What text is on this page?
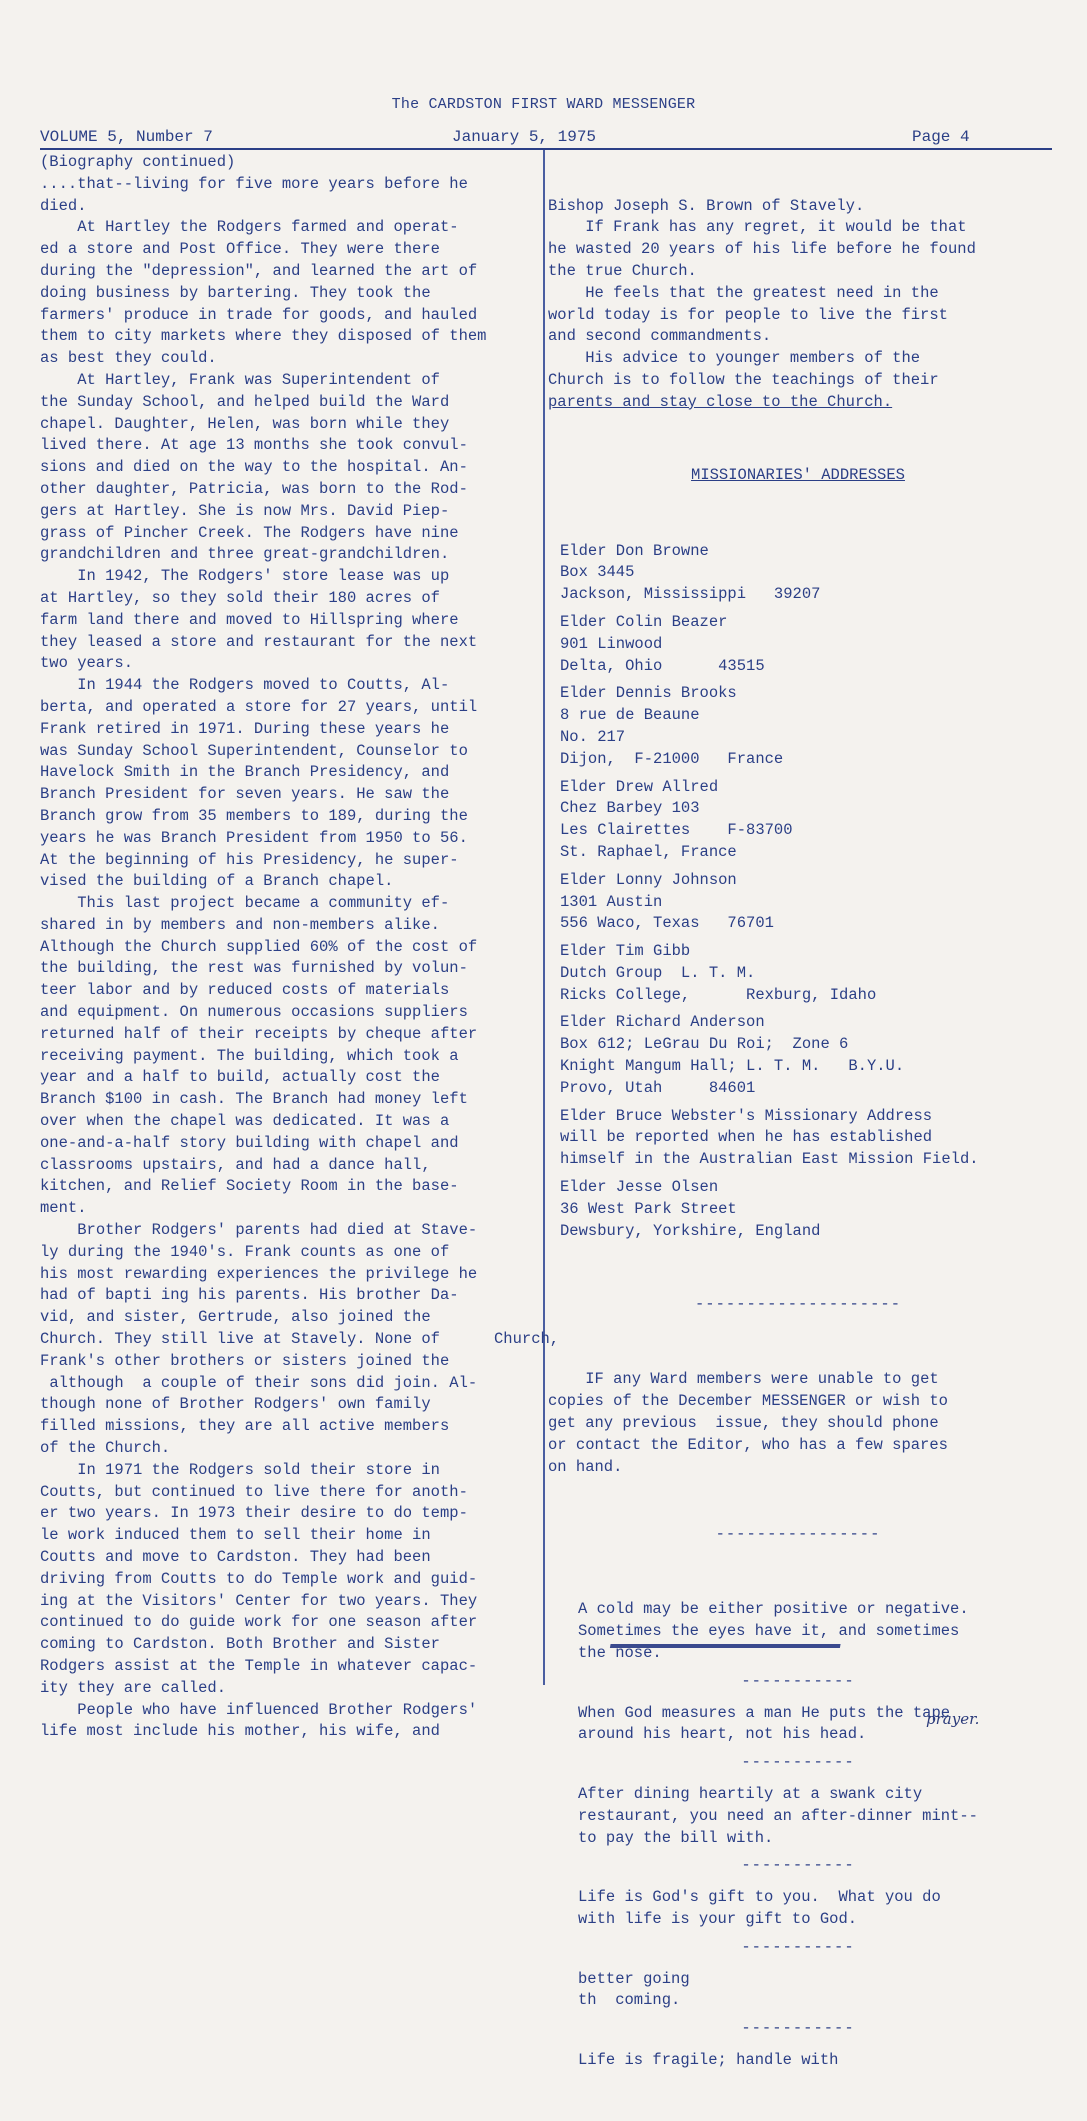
The CARDSTON FIRST WARD MESSENGER
VOLUME 5, Number 7	January 5, 1975	Page 4
(Biography continued)
....that--living for five more years before he
died.
At Hartley the Rodgers farmed and operat-
ed a store and Post Office. They were there
during the "depression", and learned the art of
doing business by bartering. They took the
farmers' produce in trade for goods, and hauled
them to city markets where they disposed of them
as best they could.
At Hartley, Frank was Superintendent of
the Sunday School, and helped build the Ward
chapel. Daughter, Helen, was born while they
lived there. At age 13 months she took convul-
sions and died on the way to the hospital. An-
other daughter, Patricia, was born to the Rod-
gers at Hartley. She is now Mrs. David Piep-
grass of Pincher Creek. The Rodgers have nine
grandchildren and three great-grandchildren.
In 1942, The Rodgers' store lease was up
at Hartley, so they sold their 180 acres of
farm land there and moved to Hillspring where
they leased a store and restaurant for the next
two years.
In 1944 the Rodgers moved to Coutts, Al-
berta, and operated a store for 27 years, until
Frank retired in 1971. During these years he
was Sunday School Superintendent, Counselor to
Havelock Smith in the Branch Presidency, and
Branch President for seven years. He saw the
Branch grow from 35 members to 189, during the
years he was Branch President from 1950 to 56.
At the beginning of his Presidency, he super-
vised the building of a Branch chapel.
This last project became a community ef-
shared in by members and non-members alike.
Although the Church supplied 60% of the cost of
the building, the rest was furnished by volun-
teer labor and by reduced costs of materials
and equipment. On numerous occasions suppliers
returned half of their receipts by cheque after
receiving payment. The building, which took a
year and a half to build, actually cost the
Branch $100 in cash. The Branch had money left
over when the chapel was dedicated. It was a
one-and-a-half story building with chapel and
classrooms upstairs, and had a dance hall,
kitchen, and Relief Society Room in the base-
ment.
Brother Rodgers' parents had died at Stave-
ly during the 1940's. Frank counts as one of
his most rewarding experiences the privilege he
had of bapti ing his parents. His brother Da-
vid, and sister, Gertrude, also joined the
Church. They still live at Stavely. None of
Frank's other brothers or sisters joined the
although  a couple of their sons did join. Al-
though none of Brother Rodgers' own family
filled missions, they are all active members
of the Church.
In 1971 the Rodgers sold their store in
Coutts, but continued to live there for anoth-
er two years. In 1973 their desire to do temp-
le work induced them to sell their home in
Coutts and move to Cardston. They had been
driving from Coutts to do Temple work and guid-
ing at the Visitors' Center for two years. They
continued to do guide work for one season after
coming to Cardston. Both Brother and Sister
Rodgers assist at the Temple in whatever capac-
ity they are called.
People who have influenced Brother Rodgers'
life most include his mother, his wife, and

Bishop Joseph S. Brown of Stavely.
If Frank has any regret, it would be that
he wasted 20 years of his life before he found
the true Church.
He feels that the greatest need in the
world today is for people to live the first
and second commandments.
His advice to younger members of the
Church is to follow the teachings of their
parents and stay close to the Church.

MISSIONARIES' ADDRESSES

Elder Don Browne
Box 3445
Jackson, Mississippi   39207
Elder Colin Beazer
901 Linwood
Delta, Ohio      43515
Elder Dennis Brooks
8 rue de Beaune
No. 217
Dijon,  F-21000   France
Elder Drew Allred
Chez Barbey 103
Les Clairettes    F-83700
St. Raphael, France
Elder Lonny Johnson
1301 Austin
556 Waco, Texas   76701
Elder Tim Gibb
Dutch Group  L. T. M.
Ricks College,      Rexburg, Idaho
Elder Richard Anderson
Box 612; LeGrau Du Roi;  Zone 6
Knight Mangum Hall; L. T. M.   B.Y.U.
Provo, Utah     84601
Elder Bruce Webster's Missionary Address
will be reported when he has established
himself in the Australian East Mission Field.
Elder Jesse Olsen
36 West Park Street
Dewsbury, Yorkshire, England

--------------------

IF any Ward members were unable to get
copies of the December MESSENGER or wish to
get any previous  issue, they should phone
or contact the Editor, who has a few spares
on hand.

----------------

A cold may be either positive or negative.
Sometimes the eyes have it, and sometimes
the nose.
-----------
When God measures a man He puts the tape
around his heart, not his head.
-----------
After dining heartily at a swank city
restaurant, you need an after-dinner mint--
to pay the bill with.
-----------
Life is God's gift to you.  What you do
with life is your gift to God.
-----------
better going
th  coming.
-----------
Life is fragile; handle with

prayer.
Church,
